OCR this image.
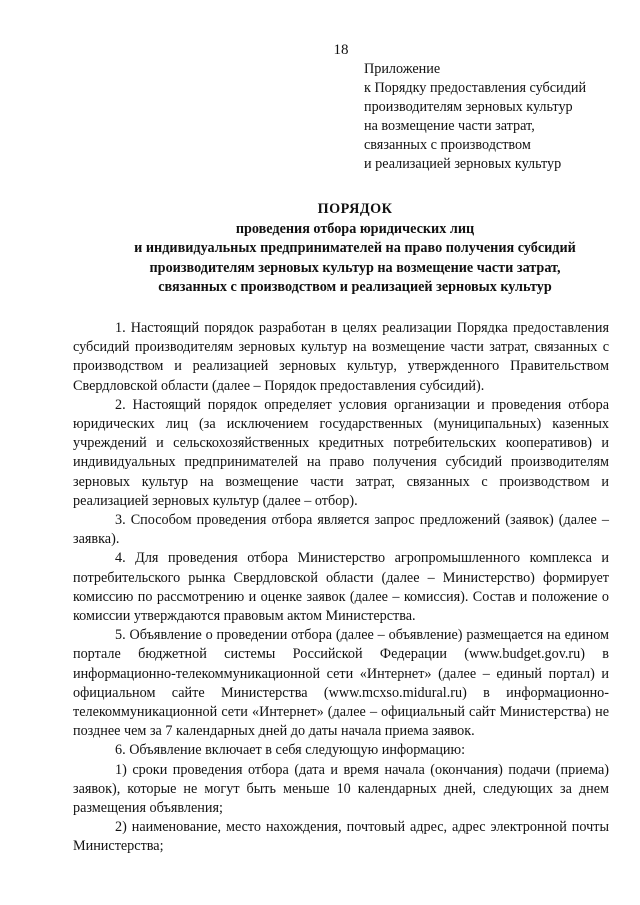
18
Приложение
к Порядку предоставления субсидий
производителям зерновых культур
на возмещение части затрат,
связанных с производством
и реализацией зерновых культур
ПОРЯДОК
проведения отбора юридических лиц
и индивидуальных предпринимателей на право получения субсидий
производителям зерновых культур на возмещение части затрат,
связанных с производством и реализацией зерновых культур

1. Настоящий порядок разработан в целях реализации Порядка предоставления субсидий производителям зерновых культур на возмещение части затрат, связанных с производством и реализацией зерновых культур, утвержденного Правительством Свердловской области (далее – Порядок предоставления субсидий).

2. Настоящий порядок определяет условия организации и проведения отбора юридических лиц (за исключением государственных (муниципальных) казенных учреждений и сельскохозяйственных кредитных потребительских кооперативов) и индивидуальных предпринимателей на право получения субсидий производителям зерновых культур на возмещение части затрат, связанных с производством и реализацией зерновых культур (далее – отбор).

3. Способом проведения отбора является запрос предложений (заявок) (далее – заявка).

4. Для проведения отбора Министерство агропромышленного комплекса и потребительского рынка Свердловской области (далее – Министерство) формирует комиссию по рассмотрению и оценке заявок (далее – комиссия). Состав и положение о комиссии утверждаются правовым актом Министерства.

5. Объявление о проведении отбора (далее – объявление) размещается на едином портале бюджетной системы Российской Федерации (www.budget.gov.ru) в информационно-телекоммуникационной сети «Интернет» (далее – единый портал) и официальном сайте Министерства (www.mcxso.midural.ru) в информационно-телекоммуникационной сети «Интернет» (далее – официальный сайт Министерства) не позднее чем за 7 календарных дней до даты начала приема заявок.

6. Объявление включает в себя следующую информацию:

1) сроки проведения отбора (дата и время начала (окончания) подачи (приема) заявок), которые не могут быть меньше 10 календарных дней, следующих за днем размещения объявления;

2) наименование, место нахождения, почтовый адрес, адрес электронной почты Министерства;
